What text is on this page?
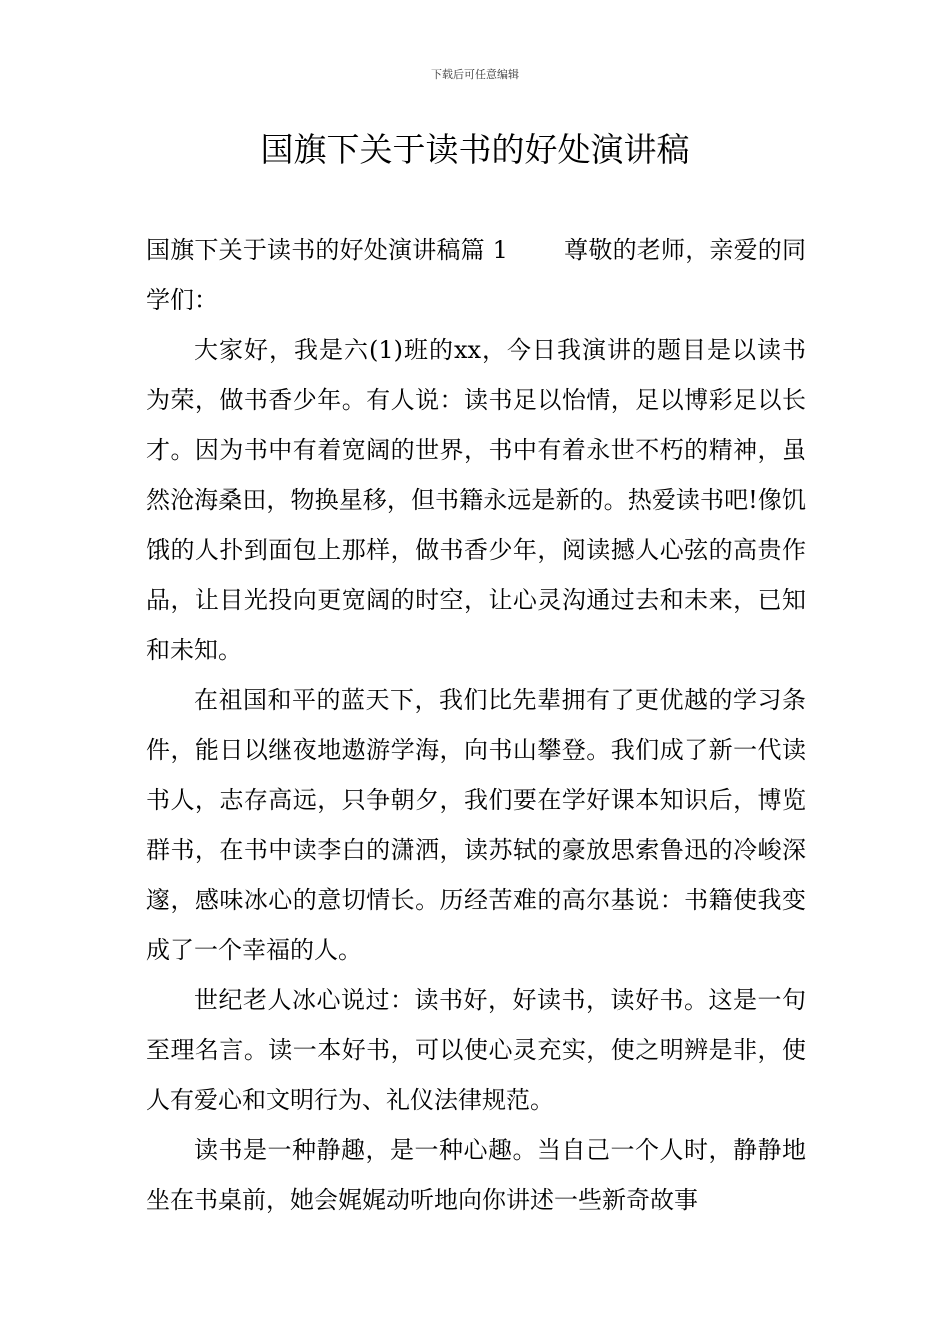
下载后可任意编辑
国旗下关于读书的好处演讲稿

国旗下关于读书的好处演讲稿篇 1 尊敬的老师，亲爱的同学们：

大家好，我是六(1)班的xx，今日我演讲的题目是以读书为荣，做书香少年。有人说：读书足以怡情，足以博彩足以长才。因为书中有着宽阔的世界，书中有着永世不朽的精神，虽然沧海桑田，物换星移，但书籍永远是新的。热爱读书吧!像饥饿的人扑到面包上那样，做书香少年，阅读撼人心弦的高贵作品，让目光投向更宽阔的时空，让心灵沟通过去和未来，已知和未知。

在祖国和平的蓝天下，我们比先辈拥有了更优越的学习条件，能日以继夜地遨游学海，向书山攀登。我们成了新一代读书人，志存高远，只争朝夕，我们要在学好课本知识后，博览群书，在书中读李白的潇洒，读苏轼的豪放思索鲁迅的冷峻深邃，感味冰心的意切情长。历经苦难的高尔基说：书籍使我变成了一个幸福的人。

世纪老人冰心说过：读书好，好读书，读好书。这是一句至理名言。读一本好书，可以使心灵充实，使之明辨是非，使人有爱心和文明行为、礼仪法律规范。

读书是一种静趣，是一种心趣。当自己一个人时，静静地坐在书桌前，她会娓娓动听地向你讲述一些新奇故事
